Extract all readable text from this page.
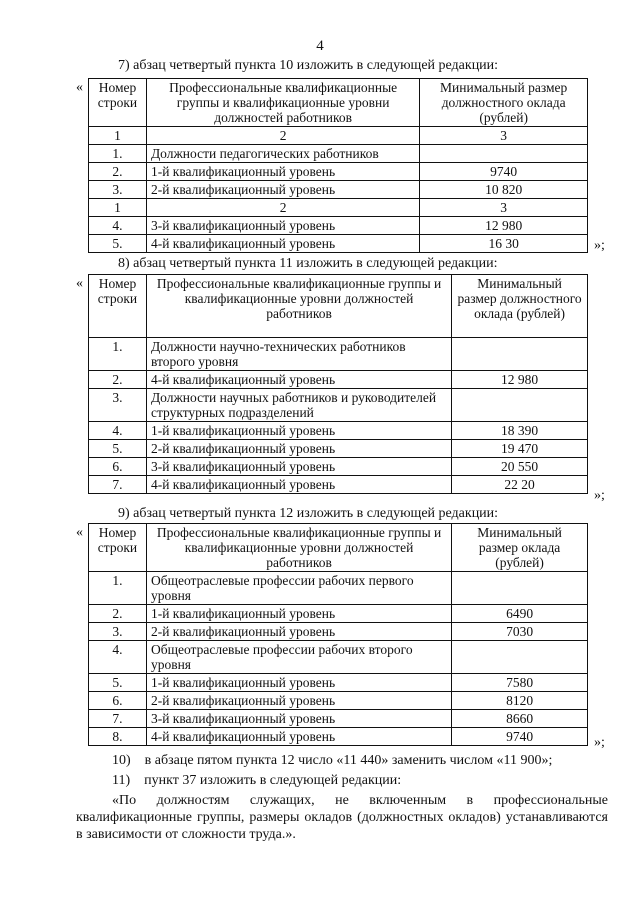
4
7) абзац четвертый пункта 10 изложить в следующей редакции:
« Номер строки	Профессиональные квалификационные группы и квалификационные уровни должностей работников	Минимальный размер должностного оклада (рублей)
1	2	3
1.	Должности педагогических работников	
2.	1-й квалификационный уровень	9740
3.	2-й квалификационный уровень	10 820
1	2	3
4.	3-й квалификационный уровень	12 980
5.	4-й квалификационный уровень	16 30	»;
8) абзац четвертый пункта 11 изложить в следующей редакции:
« Номер строки	Профессиональные квалификационные группы и квалификационные уровни должностей работников	Минимальный размер должностного оклада (рублей)
1.	Должности научно-технических работников второго уровня	
2.	4-й квалификационный уровень	12 980
3.	Должности научных работников и руководителей структурных подразделений	
4.	1-й квалификационный уровень	18 390
5.	2-й квалификационный уровень	19 470
6.	3-й квалификационный уровень	20 550
7.	4-й квалификационный уровень	22 20
»;
9) абзац четвертый пункта 12 изложить в следующей редакции:
« Номер строки	Профессиональные квалификационные группы и квалификационные уровни должностей работников	Минимальный размер оклада (рублей)
1.	Общеотраслевые профессии рабочих первого уровня	
2.	1-й квалификационный уровень	6490
3.	2-й квалификационный уровень	7030
4.	Общеотраслевые профессии рабочих второго уровня	
5.	1-й квалификационный уровень	7580
6.	2-й квалификационный уровень	8120
7.	3-й квалификационный уровень	8660
8.	4-й квалификационный уровень	9740	»;
10)    в абзаце пятом пункта 12 число «11 440» заменить числом «11 900»;
11)    пункт 37 изложить в следующей редакции:
«По должностям служащих, не включенным в профессиональные квалификационные группы, размеры окладов (должностных окладов) устанавливаются в зависимости от сложности труда.».
